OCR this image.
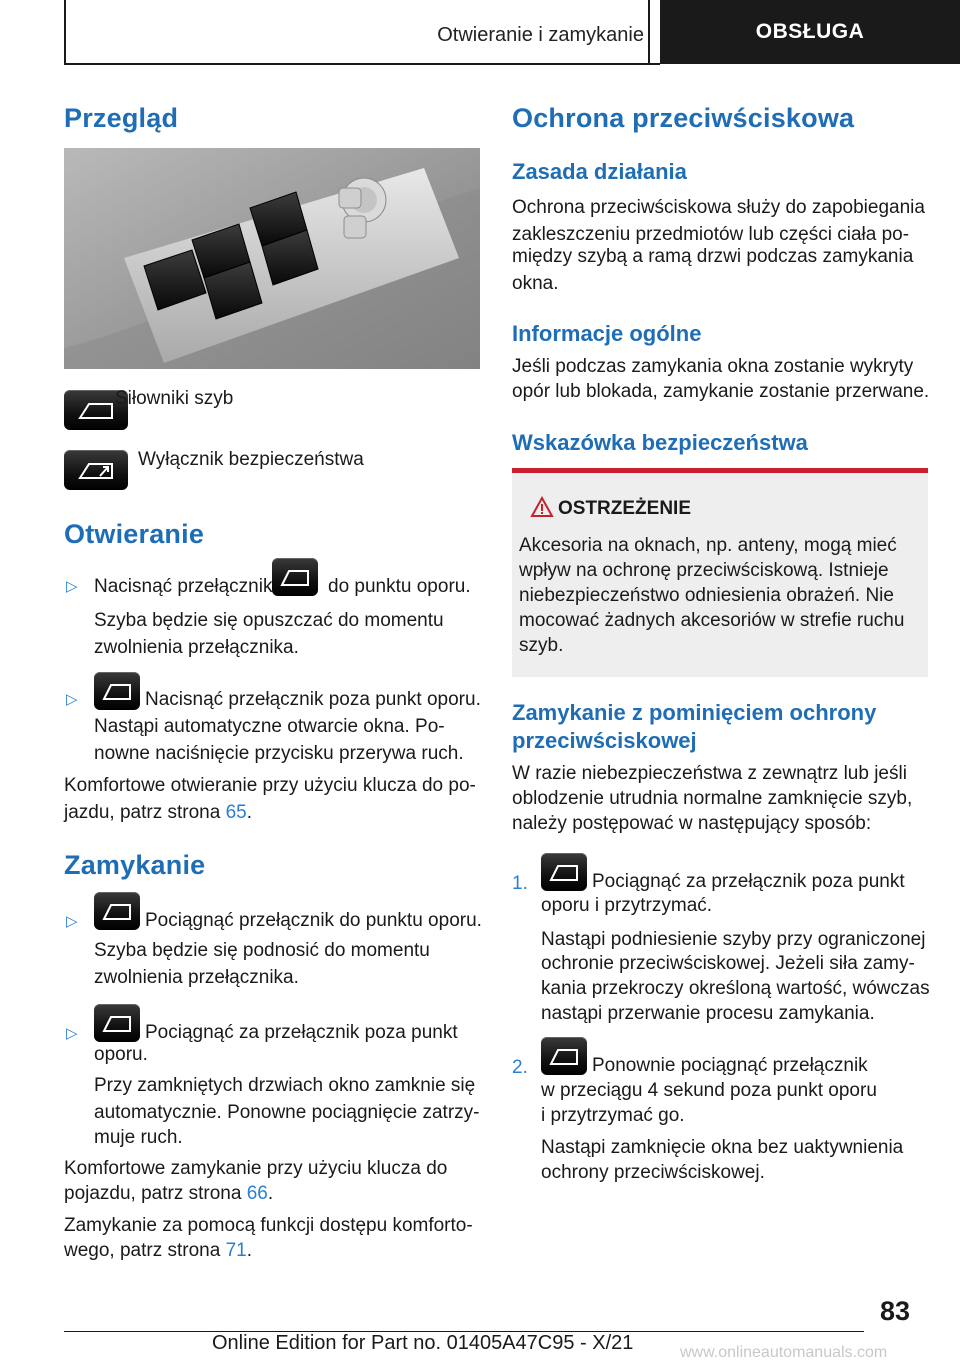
Otwieranie i zamykanie	OBSŁUGA
Przegląd
Siłowniki szyb
Wyłącznik bezpieczeństwa
Otwieranie
▷ Nacisnąć przełącznik	do punktu oporu.
Szyba będzie się opuszczać do momentu
zwolnienia przełącznika.
▷	Nacisnąć przełącznik poza punkt oporu.
Nastąpi automatyczne otwarcie okna. Po-
nowne naciśnięcie przycisku przerywa ruch.
Komfortowe otwieranie przy użyciu klucza do po-
jazdu, patrz strona 65.
Zamykanie
▷	Pociągnąć przełącznik do punktu oporu.
Szyba będzie się podnosić do momentu
zwolnienia przełącznika.
▷	Pociągnąć za przełącznik poza punkt
oporu.
Przy zamkniętych drzwiach okno zamknie się
automatycznie. Ponowne pociągnięcie zatrzy-
muje ruch.
Komfortowe zamykanie przy użyciu klucza do
pojazdu, patrz strona 66.
Zamykanie za pomocą funkcji dostępu komforto-
wego, patrz strona 71.
Ochrona przeciwściskowa
Zasada działania
Ochrona przeciwściskowa służy do zapobiegania
zakleszczeniu przedmiotów lub części ciała po-
między szybą a ramą drzwi podczas zamykania
okna.
Informacje ogólne
Jeśli podczas zamykania okna zostanie wykryty
opór lub blokada, zamykanie zostanie przerwane.
Wskazówka bezpieczeństwa
OSTRZEŻENIE
Akcesoria na oknach, np. anteny, mogą mieć
wpływ na ochronę przeciwściskową. Istnieje
niebezpieczeństwo odniesienia obrażeń. Nie
mocować żadnych akcesoriów w strefie ruchu
szyb.
Zamykanie z pominięciem ochrony
przeciwściskowej
W razie niebezpieczeństwa z zewnątrz lub jeśli
oblodzenie utrudnia normalne zamknięcie szyb,
należy postępować w następujący sposób:
1.	Pociągnąć za przełącznik poza punkt
oporu i przytrzymać.
Nastąpi podniesienie szyby przy ograniczonej
ochronie przeciwściskowej. Jeżeli siła zamy-
kania przekroczy określoną wartość, wówczas
nastąpi przerwanie procesu zamykania.
2.	Ponownie pociągnąć przełącznik
w przeciągu 4 sekund poza punkt oporu
i przytrzymać go.
Nastąpi zamknięcie okna bez uaktywnienia
ochrony przeciwściskowej.
83
Online Edition for Part no. 01405A47C95 - X/21	www.onlineautomanuals.com
